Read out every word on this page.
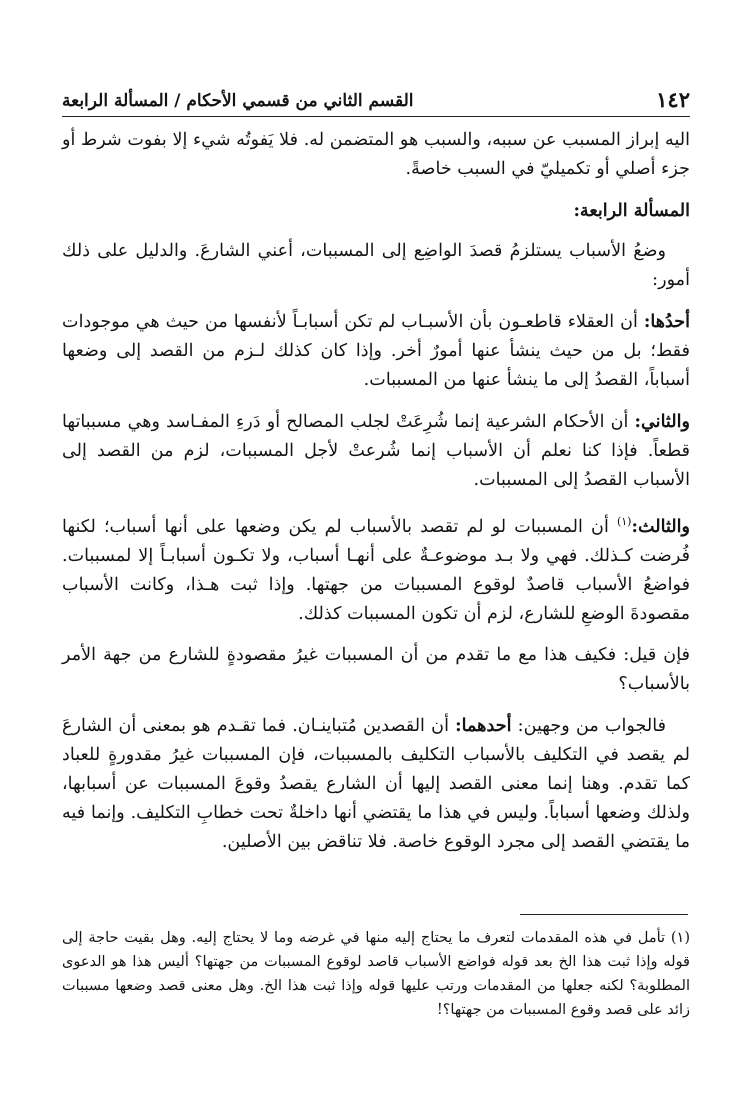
١٤٢
القسم الثاني من قسمي الأحكام / المسألة الرابعة

اليه إبراز المسبب عن سببه، والسبب هو المتضمن له. فلا يَفوتُه شيء إلا بفوت شرط أو جزء أصلي أو تكميليّ في السبب خاصةً.

المسألة الرابعة:

وضعُ الأسباب يستلزمُ قصدَ الواضِع إلى المسببات، أعني الشارعَ. والدليل على ذلك أمور:

أحدُها: أن العقلاء قاطعـون بأن الأسبـاب لم تكن أسبابـاً لأنفسها من حيث هي موجودات فقط؛ بل من حيث ينشأ عنها أمورٌ أخر. وإذا كان كذلك لـزم من القصد إلى وضعها أسباباً، القصدُ إلى ما ينشأ عنها من المسببات.

والثاني: أن الأحكام الشرعية إنما شُرِعَتْ لجلب المصالح أو دَرءِ المفـاسد وهي مسبباتها قطعاً. فإذا كنا نعلم أن الأسباب إنما شُرعتْ لأجل المسببات، لزم من القصد إلى الأسباب القصدُ إلى المسببات.

والثالث:$^{(١)}$ أن المسببات لو لم تقصد بالأسباب لم يكن وضعها على أنها أسباب؛ لكنها فُرضت كـذلك. فهي ولا بـد موضوعـةٌ على أنهـا أسباب، ولا تكـون أسبابـاً إلا لمسببات. فواضعُ الأسباب قاصدٌ لوقوع المسببات من جهتها. وإذا ثبت هـذا، وكانت الأسباب مقصودةَ الوضعِ للشارع، لزم أن تكون المسببات كذلك.

فإن قيل: فكيف هذا مع ما تقدم من أن المسببات غيرُ مقصودةٍ للشارع من جهة الأمر بالأسباب؟

فالجواب من وجهين: أحدهما: أن القصدين مُتباينـان. فما تقـدم هو بمعنى أن الشارعَ لم يقصد في التكليف بالأسباب التكليف بالمسببات، فإن المسببات غيرُ مقدورةٍ للعباد كما تقدم. وهنا إنما معنى القصد إليها أن الشارع يقصدُ وقوعَ المسببات عن أسبابها، ولذلك وضعها أسباباً. وليس في هذا ما يقتضي أنها داخلةٌ تحت خطابِ التكليف. وإنما فيه ما يقتضي القصد إلى مجرد الوقوع خاصة. فلا تناقض بين الأصلين.

(١) تأمل في هذه المقدمات لتعرف ما يحتاج إليه منها في غرضه وما لا يحتاج إليه. وهل بقيت حاجة إلى قوله وإذا ثبت هذا الخ بعد قوله فواضع الأسباب قاصد لوقوع المسببات من جهتها؟ أليس هذا هو الدعوى المطلوبة؟ لكنه جعلها من المقدمات ورتب عليها قوله وإذا ثبت هذا الخ. وهل معنى قصد وضعها مسببات زائد على قصد وقوع المسببات من جهتها؟!
